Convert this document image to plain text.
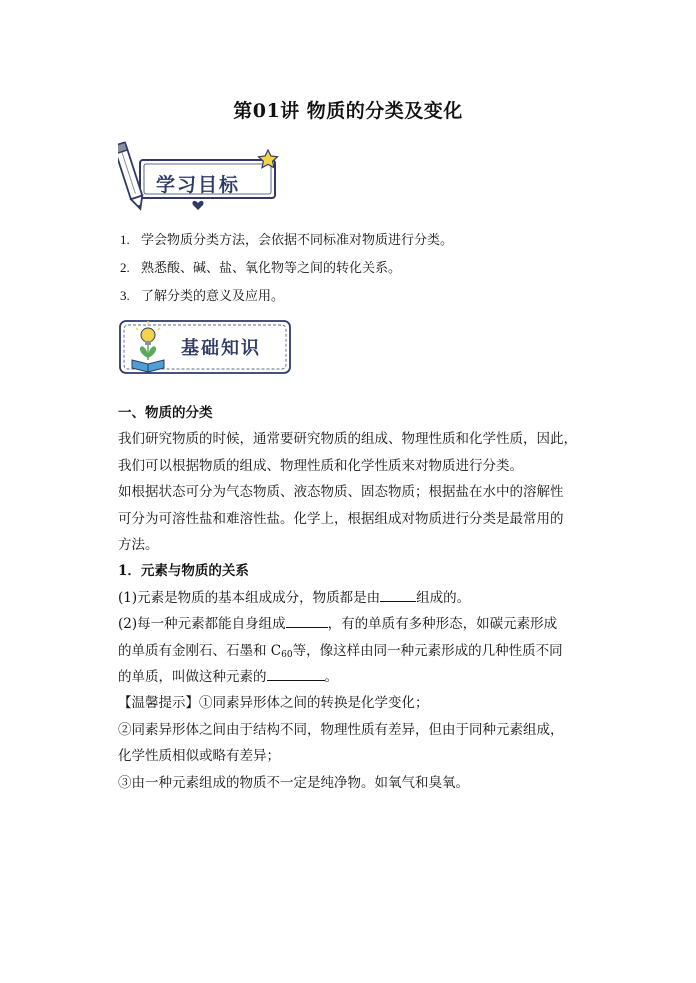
第01讲 物质的分类及变化
学习目标
1. 学会物质分类方法，会依据不同标准对物质进行分类。
2. 熟悉酸、碱、盐、氧化物等之间的转化关系。
3. 了解分类的意义及应用。
基础知识

一、物质的分类

我们研究物质的时候，通常要研究物质的组成、物理性质和化学性质，因此，

我们可以根据物质的组成、物理性质和化学性质来对物质进行分类。

如根据状态可分为气态物质、液态物质、固态物质；根据盐在水中的溶解性

可分为可溶性盐和难溶性盐。化学上，根据组成对物质进行分类是最常用的

方法。

1．元素与物质的关系

(1)元素是物质的基本组成成分，物质都是由	组成的。

(2)每一种元素都能自身组成	，有的单质有多种形态，如碳元素形成

的单质有金刚石、石墨和 $C_{60}$等，像这样由同一种元素形成的几种性质不同

的单质，叫做这种元素的	。

【温馨提示】①同素异形体之间的转换是化学变化；

②同素异形体之间由于结构不同，物理性质有差异，但由于同种元素组成，

化学性质相似或略有差异；

③由一种元素组成的物质不一定是纯净物。如氧气和臭氧。
